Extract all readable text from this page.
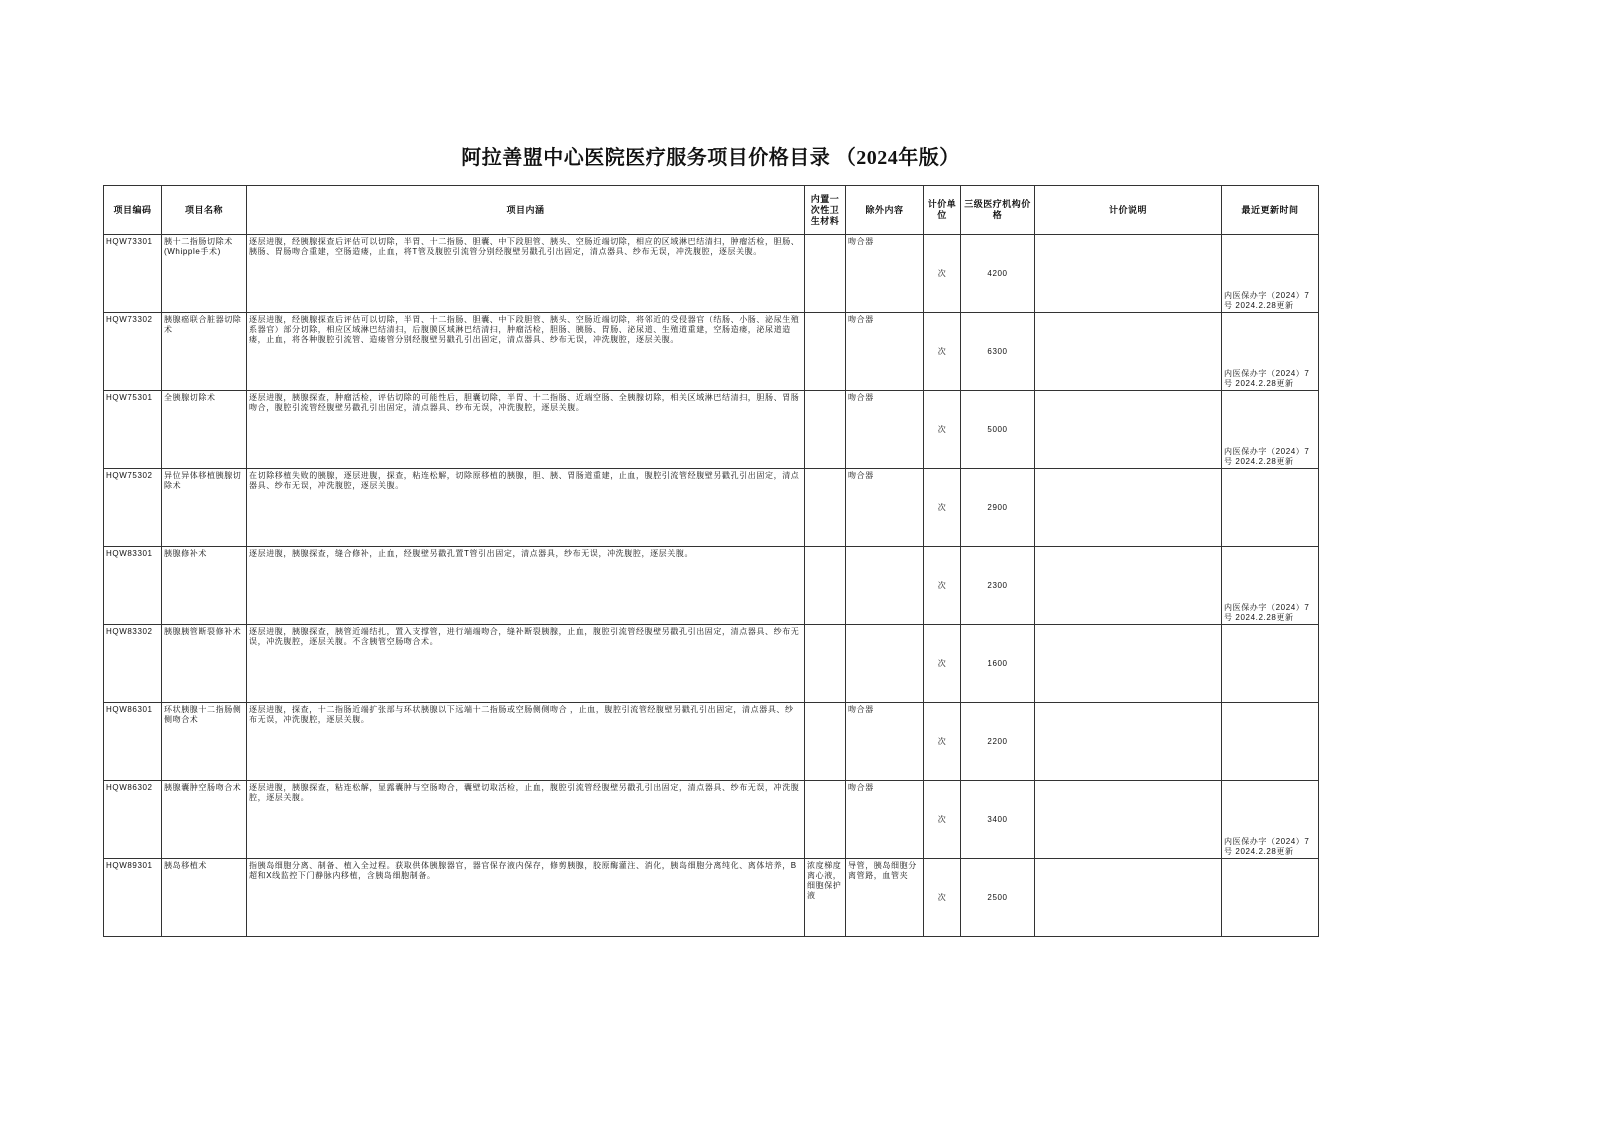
阿拉善盟中心医院医疗服务项目价格目录 （2024年版）
项目编码	项目名称	项目内涵	内置一次性卫生材料	除外内容	计价单位	三级医疗机构价格	计价说明	最近更新时间
HQW73301	胰十二指肠切除术(Whipple手术)	逐层进腹，经胰腺探查后评估可以切除，半胃、十二指肠、胆囊、中下段胆管、胰头、空肠近端切除，相应的区域淋巴结清扫，肿瘤活检，胆肠、胰肠、胃肠吻合重建，空肠造瘘，止血，将T管及腹腔引流管分别经腹壁另戳孔引出固定，清点器具、纱布无误，冲洗腹腔，逐层关腹。		吻合器	次	4200		内医保办字（2024）7号 2024.2.28更新
HQW73302	胰腺癌联合脏器切除术	逐层进腹，经胰腺探查后评估可以切除，半胃、十二指肠、胆囊、中下段胆管、胰头、空肠近端切除，将邻近的受侵器官（结肠、小肠、泌尿生殖系器官）部分切除，相应区域淋巴结清扫，后腹膜区域淋巴结清扫，肿瘤活检，胆肠、胰肠、胃肠、泌尿道、生殖道重建，空肠造瘘，泌尿道造瘘，止血，将各种腹腔引流管、造瘘管分别经腹壁另戳孔引出固定，清点器具、纱布无误，冲洗腹腔，逐层关腹。		吻合器	次	6300		内医保办字（2024）7号 2024.2.28更新
HQW75301	全胰腺切除术	逐层进腹，胰腺探查，肿瘤活检，评估切除的可能性后，胆囊切除，半胃、十二指肠、近端空肠、全胰腺切除，相关区域淋巴结清扫，胆肠、胃肠吻合，腹腔引流管经腹壁另戳孔引出固定，清点器具、纱布无误，冲洗腹腔，逐层关腹。		吻合器	次	5000		内医保办字（2024）7号 2024.2.28更新
HQW75302	异位异体移植胰腺切除术	在切除移植失败的胰腺，逐层进腹，探查，粘连松解，切除原移植的胰腺，胆、胰、胃肠道重建，止血，腹腔引流管经腹壁另戳孔引出固定，清点器具、纱布无误，冲洗腹腔，逐层关腹。		吻合器	次	2900		
HQW83301	胰腺修补术	逐层进腹，胰腺探查，缝合修补，止血，经腹壁另戳孔置T管引出固定，清点器具，纱布无误，冲洗腹腔，逐层关腹。			次	2300		内医保办字（2024）7号 2024.2.28更新
HQW83302	胰腺胰管断裂修补术	逐层进腹，胰腺探查，胰管近端结扎，置入支撑管，进行端端吻合，缝补断裂胰腺，止血，腹腔引流管经腹壁另戳孔引出固定，清点器具、纱布无误，冲洗腹腔，逐层关腹。不含胰管空肠吻合术。			次	1600		
HQW86301	环状胰腺十二指肠侧侧吻合术	逐层进腹，探查，十二指肠近端扩张部与环状胰腺以下远端十二指肠或空肠侧侧吻合 ，止血，腹腔引流管经腹壁另戳孔引出固定，清点器具、纱布无误，冲洗腹腔，逐层关腹。		吻合器	次	2200		
HQW86302	胰腺囊肿空肠吻合术	逐层进腹，胰腺探查，粘连松解，显露囊肿与空肠吻合，囊壁切取活检，止血，腹腔引流管经腹壁另戳孔引出固定，清点器具、纱布无误，冲洗腹腔，逐层关腹。		吻合器	次	3400		内医保办字（2024）7号 2024.2.28更新
HQW89301	胰岛移植术	指胰岛细胞分离、制备、植入全过程。获取供体胰腺器官，器官保存液内保存，修剪胰腺，胶原酶灌注、消化，胰岛细胞分离纯化、离体培养，B超和X线监控下门静脉内移植，含胰岛细胞制备。	浓度梯度离心液，细胞保护液	导管，胰岛细胞分离管路，血管夹	次	2500		
